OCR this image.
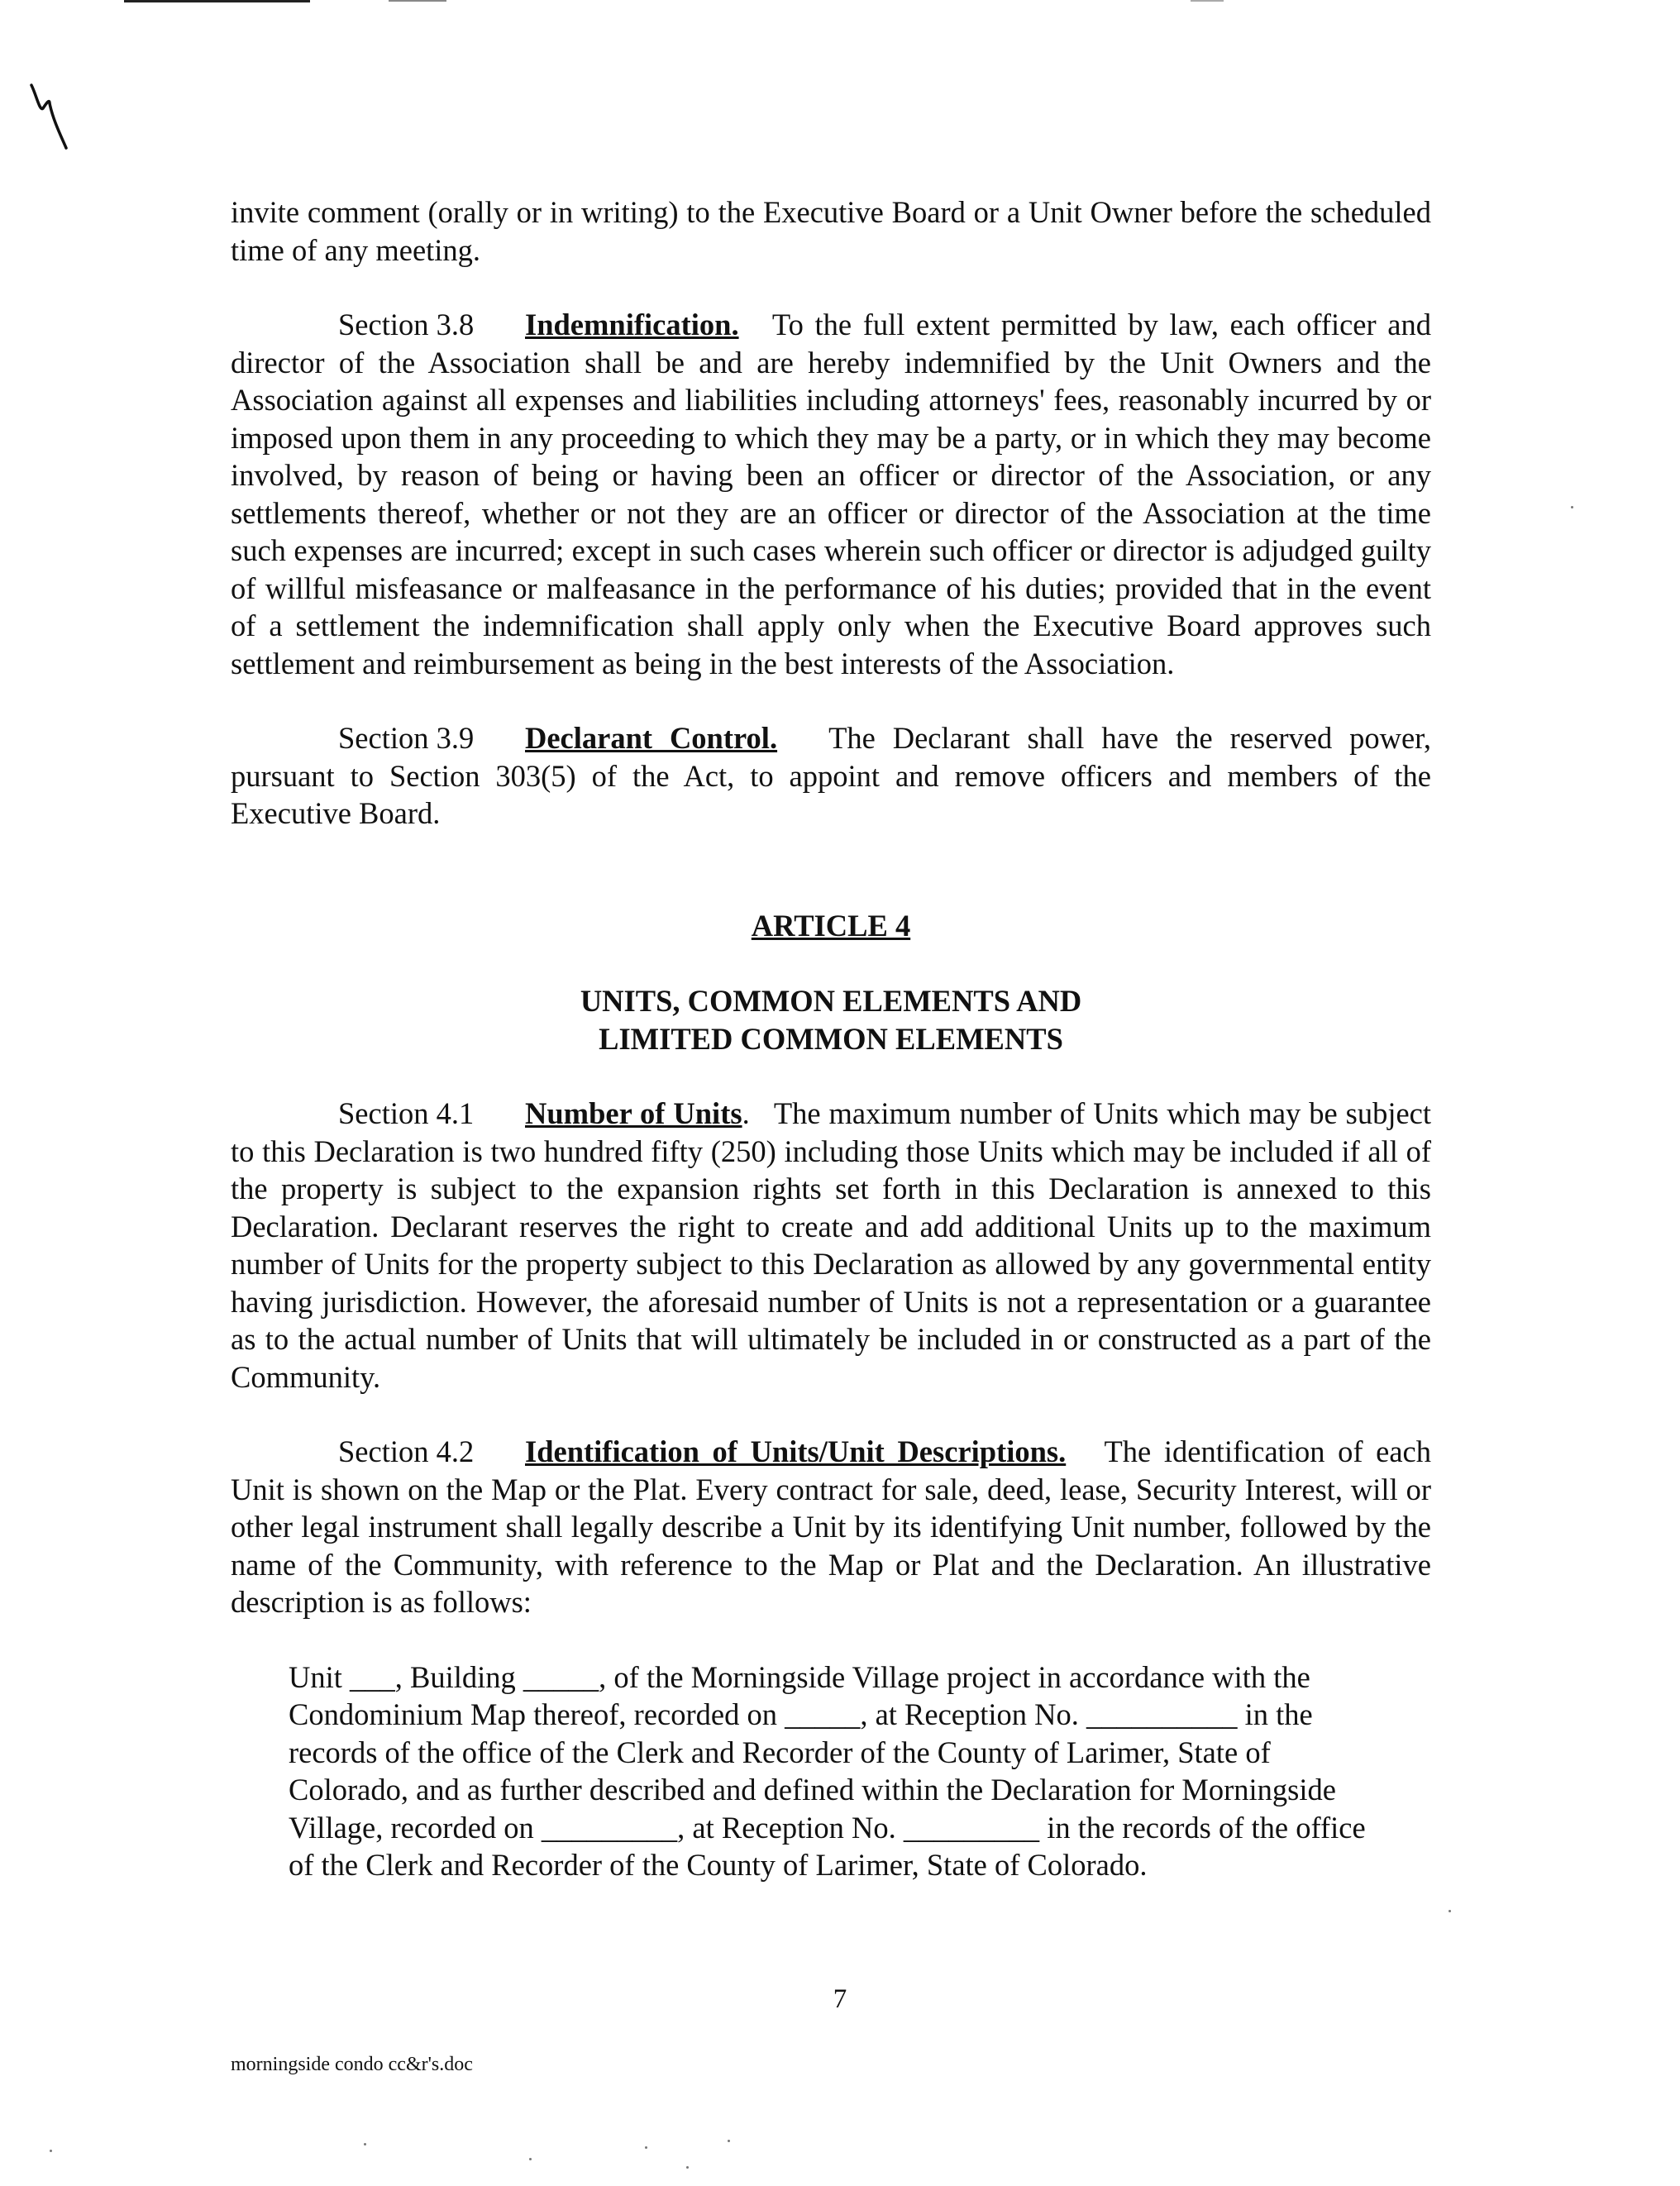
invite comment (orally or in writing) to the Executive Board or a Unit Owner before the scheduled time of any meeting.

Section 3.8 Indemnification. To the full extent permitted by law, each officer and director of the Association shall be and are hereby indemnified by the Unit Owners and the Association against all expenses and liabilities including attorneys' fees, reasonably incurred by or imposed upon them in any proceeding to which they may be a party, or in which they may become involved, by reason of being or having been an officer or director of the Association, or any settlements thereof, whether or not they are an officer or director of the Association at the time such expenses are incurred; except in such cases wherein such officer or director is adjudged guilty of willful misfeasance or malfeasance in the performance of his duties; provided that in the event of a settlement the indemnification shall apply only when the Executive Board approves such settlement and reimbursement as being in the best interests of the Association.

Section 3.9 Declarant Control. The Declarant shall have the reserved power, pursuant to Section 303(5) of the Act, to appoint and remove officers and members of the Executive Board.

ARTICLE 4
UNITS, COMMON ELEMENTS AND
LIMITED COMMON ELEMENTS

Section 4.1 Number of Units. The maximum number of Units which may be subject to this Declaration is two hundred fifty (250) including those Units which may be included if all of the property is subject to the expansion rights set forth in this Declaration is annexed to this Declaration. Declarant reserves the right to create and add additional Units up to the maximum number of Units for the property subject to this Declaration as allowed by any governmental entity having jurisdiction. However, the aforesaid number of Units is not a representation or a guarantee as to the actual number of Units that will ultimately be included in or constructed as a part of the Community.

Section 4.2 Identification of Units/Unit Descriptions. The identification of each Unit is shown on the Map or the Plat. Every contract for sale, deed, lease, Security Interest, will or other legal instrument shall legally describe a Unit by its identifying Unit number, followed by the name of the Community, with reference to the Map or Plat and the Declaration. An illustrative description is as follows:

Unit ___, Building _____, of the Morningside Village project in accordance with the Condominium Map thereof, recorded on _____, at Reception No. __________ in the records of the office of the Clerk and Recorder of the County of Larimer, State of Colorado, and as further described and defined within the Declaration for Morningside Village, recorded on _________, at Reception No. _________ in the records of the office of the Clerk and Recorder of the County of Larimer, State of Colorado.
7
morningside condo cc&r's.doc
